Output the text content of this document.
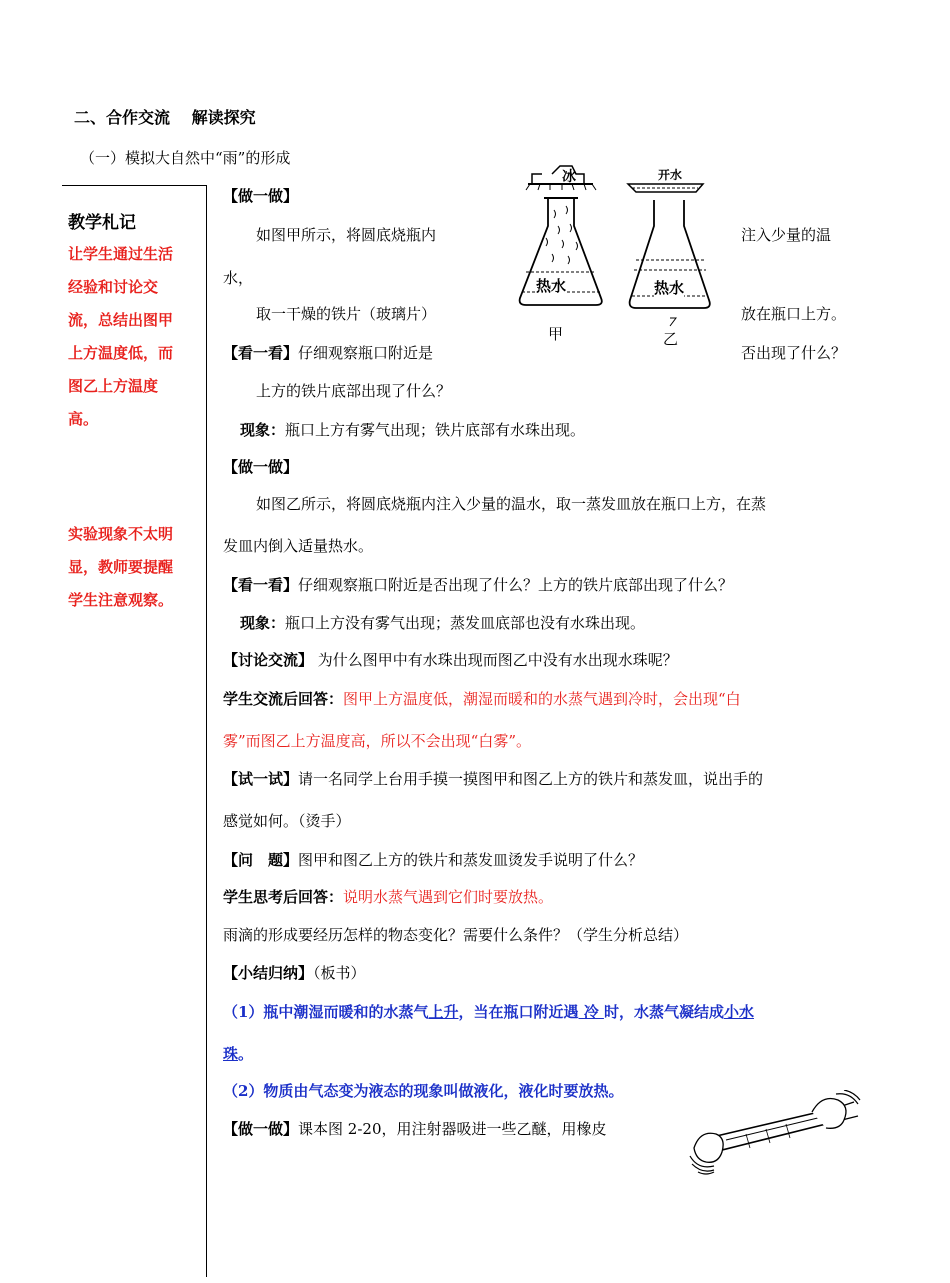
二、合作交流　 解读探究
（一）模拟大自然中“雨”的形成
教学札记
让学生通过生活
经验和讨论交
流，总结出图甲
上方温度低，而
图乙上方温度
高。
实验现象不太明
显，教师要提醒
学生注意观察。
冰
热水
甲
开水
热水
乙
【做一做】
如图甲所示，将圆底烧瓶内	注入少量的温
水，
取一干燥的铁片（玻璃片）	放在瓶口上方。
【看一看】仔细观察瓶口附近是	否出现了什么？
上方的铁片底部出现了什么？
现象：瓶口上方有雾气出现；铁片底部有水珠出现。
【做一做】
如图乙所示，将圆底烧瓶内注入少量的温水，取一蒸发皿放在瓶口上方，在蒸
发皿内倒入适量热水。
【看一看】仔细观察瓶口附近是否出现了什么？上方的铁片底部出现了什么？
现象：瓶口上方没有雾气出现；蒸发皿底部也没有水珠出现。
【讨论交流】 为什么图甲中有水珠出现而图乙中没有水出现水珠呢？
学生交流后回答：图甲上方温度低，潮湿而暖和的水蒸气遇到冷时，会出现“白
雾”而图乙上方温度高，所以不会出现“白雾”。
【试一试】请一名同学上台用手摸一摸图甲和图乙上方的铁片和蒸发皿，说出手的
感觉如何。（烫手）
【问　题】图甲和图乙上方的铁片和蒸发皿烫发手说明了什么？
学生思考后回答：说明水蒸气遇到它们时要放热。
雨滴的形成要经历怎样的物态变化？需要什么条件？（学生分析总结）
【小结归纳】（板书）
（1）瓶中潮湿而暖和的水蒸气上升，当在瓶口附近遇 冷 时，水蒸气凝结成小水
珠。
（2）物质由气态变为液态的现象叫做液化，液化时要放热。
【做一做】课本图 2-20，用注射器吸进一些乙醚，用橡皮
